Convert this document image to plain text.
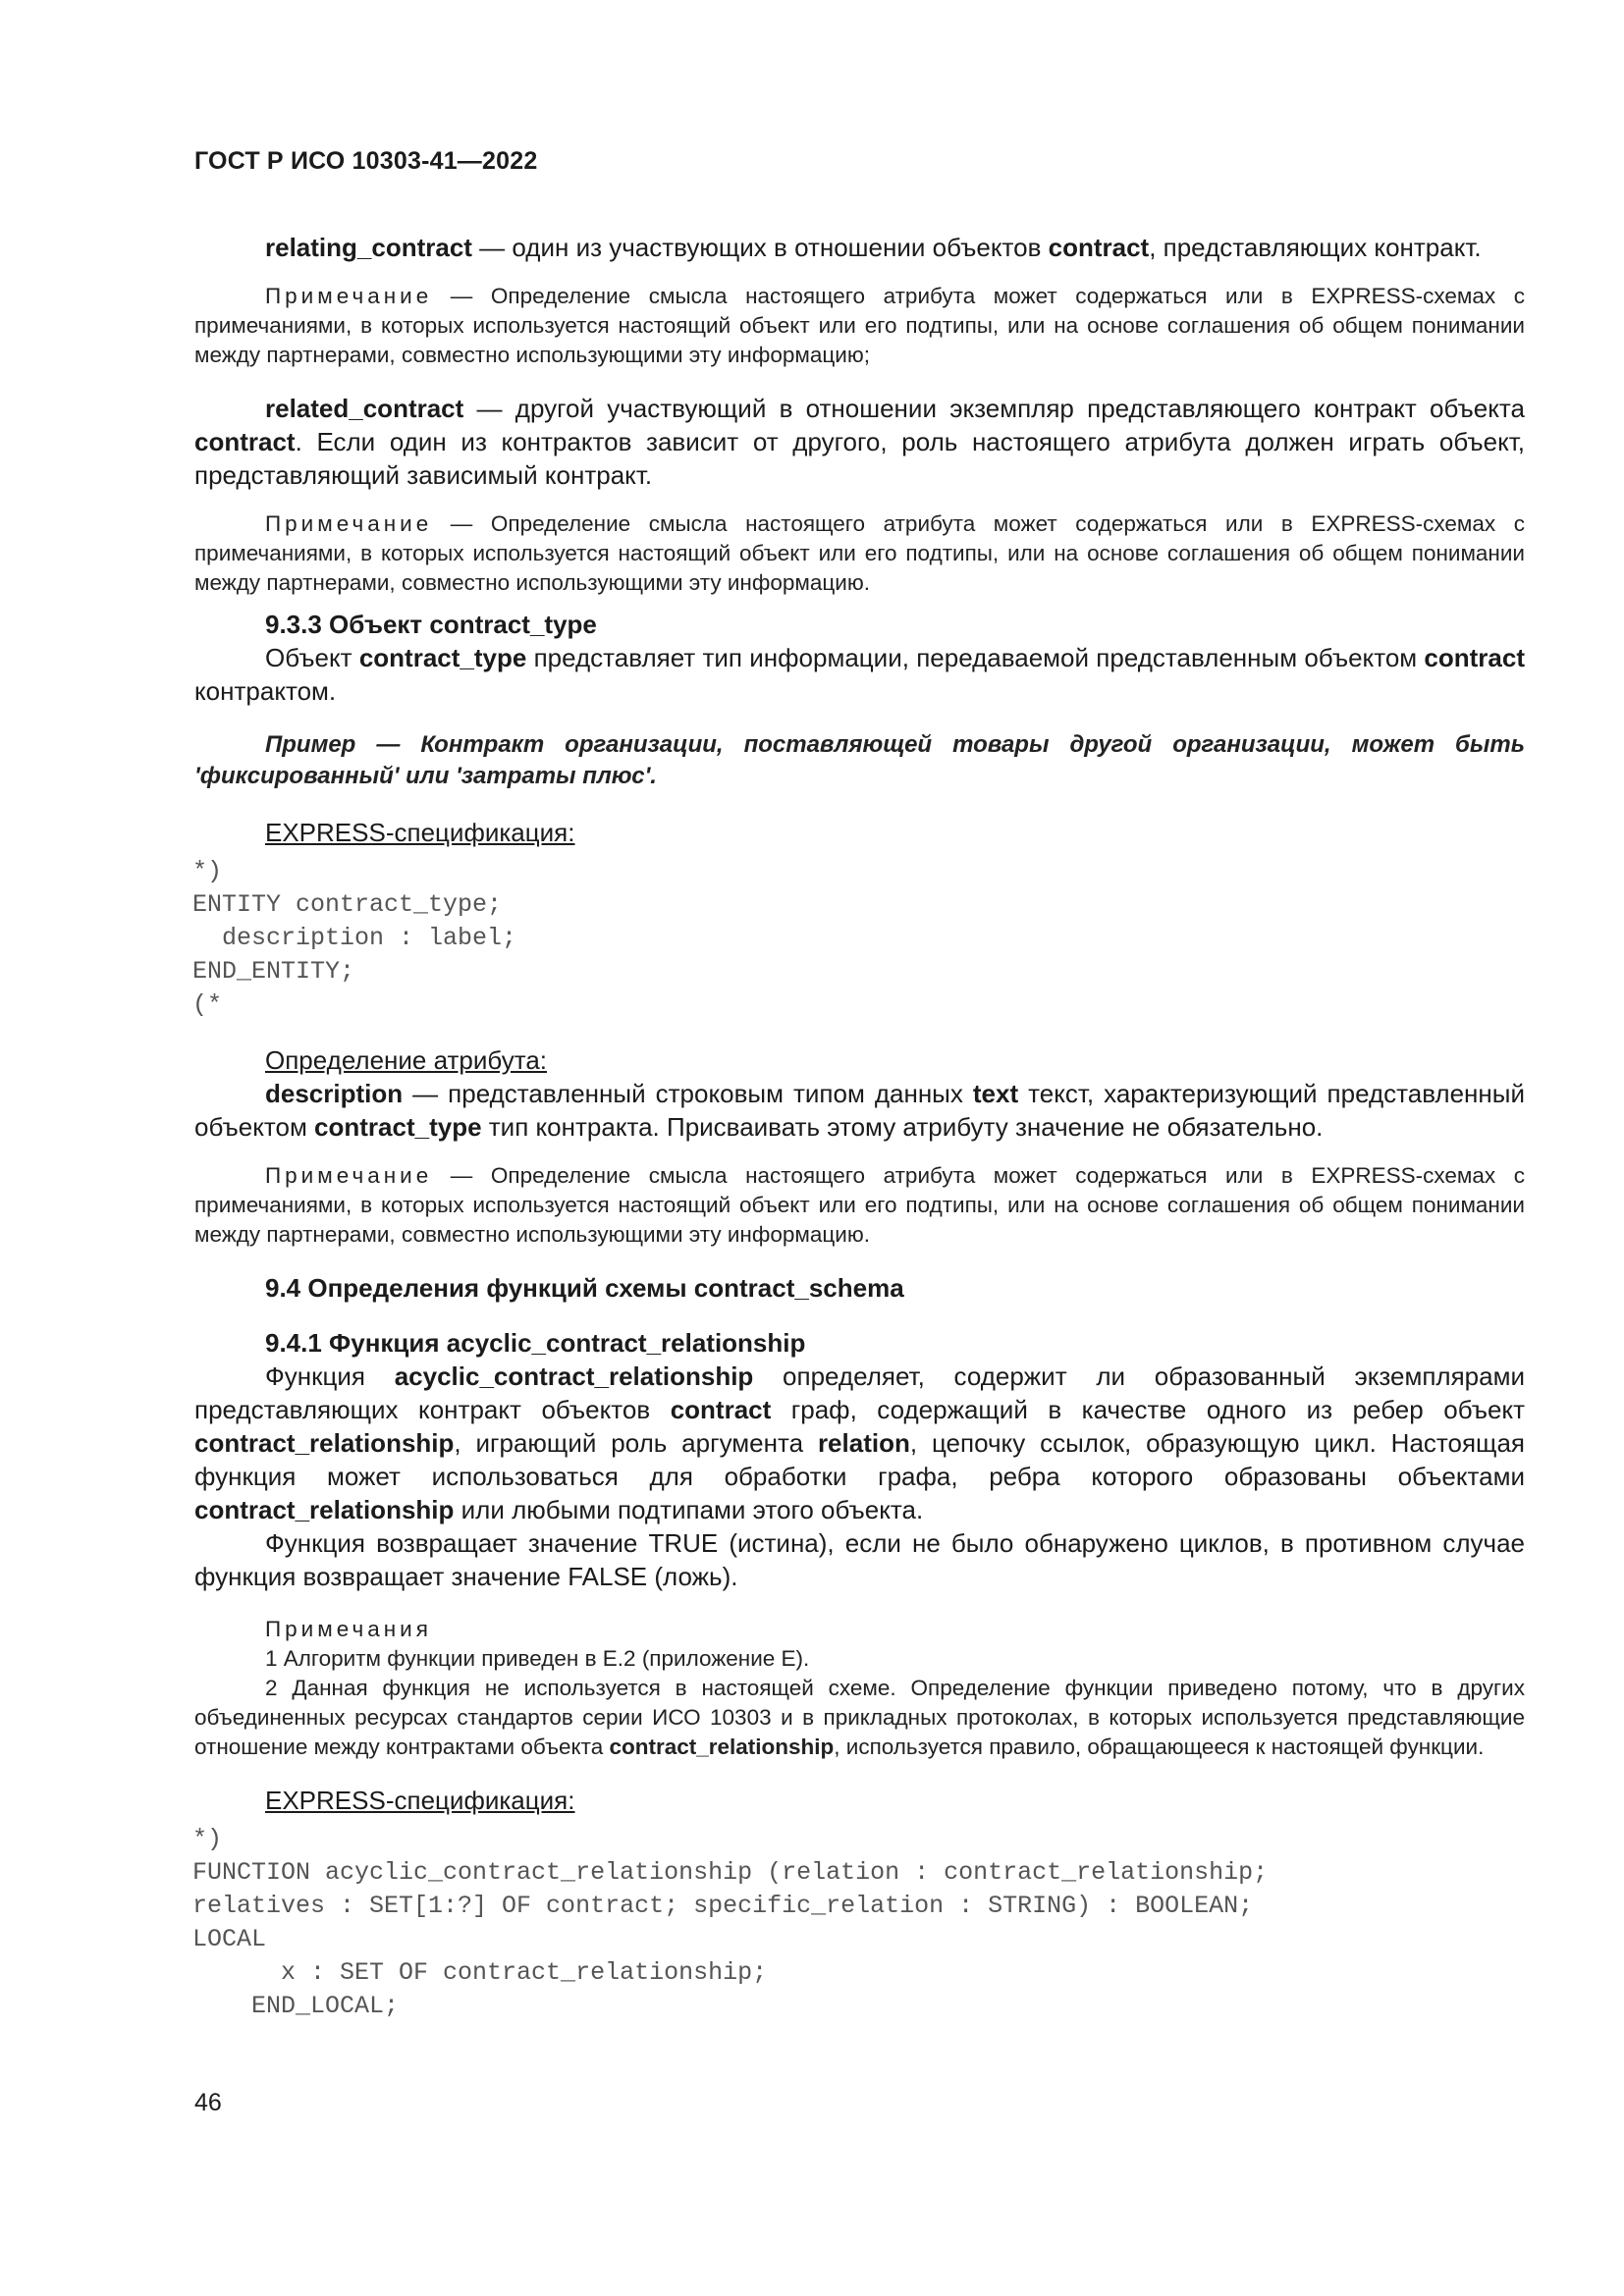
ГОСТ Р ИСО 10303-41—2022

relating_contract — один из участвующих в отношении объектов contract, представляющих контракт.

Примечание — Определение смысла настоящего атрибута может содержаться или в EXPRESS-схемах с примечаниями, в которых используется настоящий объект или его подтипы, или на основе соглашения об общем понимании между партнерами, совместно использующими эту информацию;

related_contract — другой участвующий в отношении экземпляр представляющего контракт объекта contract. Если один из контрактов зависит от другого, роль настоящего атрибута должен играть объект, представляющий зависимый контракт.

Примечание — Определение смысла настоящего атрибута может содержаться или в EXPRESS-схемах с примечаниями, в которых используется настоящий объект или его подтипы, или на основе соглашения об общем понимании между партнерами, совместно использующими эту информацию.

9.3.3 Объект contract_type

Объект contract_type представляет тип информации, передаваемой представленным объектом contract контрактом.

Пример — Контракт организации, поставляющей товары другой организации, может быть 'фиксированный' или 'затраты плюс'.

EXPRESS-спецификация:
*)
ENTITY contract_type;
description : label;
END_ENTITY;
(*
Определение атрибута:

description — представленный строковым типом данных text текст, характеризующий представленный объектом contract_type тип контракта. Присваивать этому атрибуту значение не обязательно.

Примечание — Определение смысла настоящего атрибута может содержаться или в EXPRESS-схемах с примечаниями, в которых используется настоящий объект или его подтипы, или на основе соглашения об общем понимании между партнерами, совместно использующими эту информацию.

9.4 Определения функций схемы contract_schema
9.4.1 Функция acyclic_contract_relationship

Функция acyclic_contract_relationship определяет, содержит ли образованный экземплярами представляющих контракт объектов contract граф, содержащий в качестве одного из ребер объект contract_relationship, играющий роль аргумента relation, цепочку ссылок, образующую цикл. Настоящая функция может использоваться для обработки графа, ребра которого образованы объектами contract_relationship или любыми подтипами этого объекта.

Функция возвращает значение TRUE (истина), если не было обнаружено циклов, в противном случае функция возвращает значение FALSE (ложь).

Примечания

1 Алгоритм функции приведен в Е.2 (приложение Е).

2 Данная функция не используется в настоящей схеме. Определение функции приведено потому, что в других объединенных ресурсах стандартов серии ИСО 10303 и в прикладных протоколах, в которых используется представляющие отношение между контрактами объекта contract_relationship, используется правило, обращающееся к настоящей функции.

EXPRESS-спецификация:
*)
FUNCTION acyclic_contract_relationship (relation : contract_relationship;
relatives : SET[1:?] OF contract; specific_relation : STRING) : BOOLEAN;
LOCAL
x : SET OF contract_relationship;
END_LOCAL;
46
